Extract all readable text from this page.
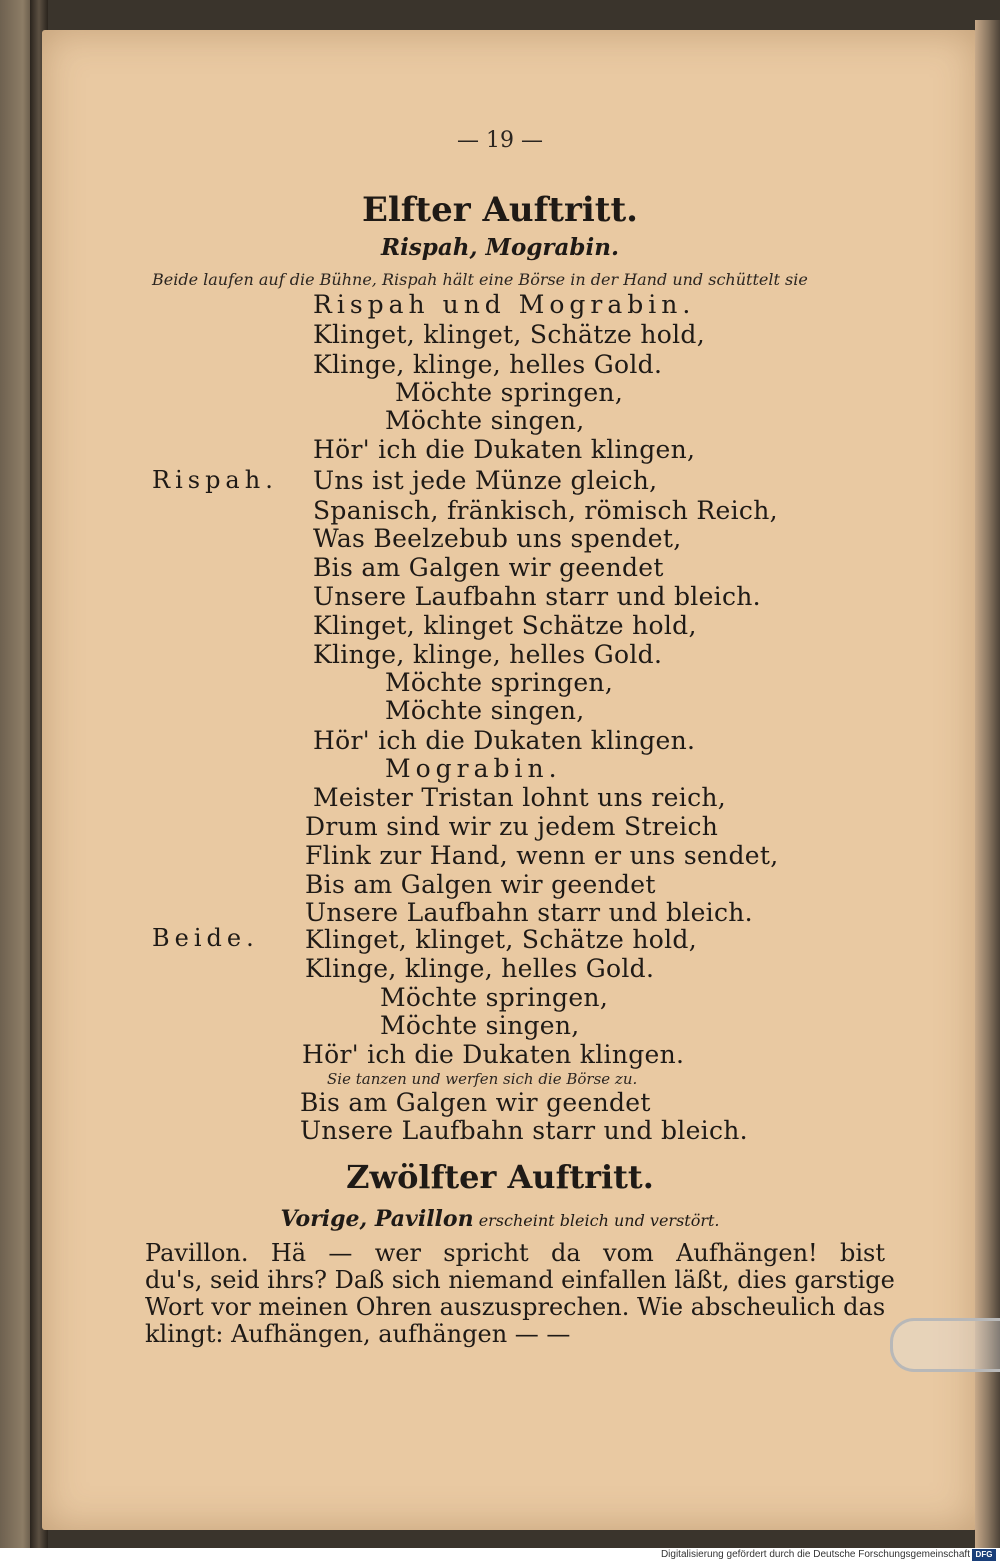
— 19 —
Elfter Auftritt.
Rispah, Mograbin.
Beide laufen auf die Bühne, Rispah hält eine Börse in der Hand und schüttelt sie
Rispah und Mograbin.
Rispah.
Beide.
Klinget, klinget, Schätze hold,
Klinge, klinge, helles Gold.
Möchte springen,
Möchte singen,
Hör' ich die Dukaten klingen,
Uns ist jede Münze gleich,
Spanisch, fränkisch, römisch Reich,
Was Beelzebub uns spendet,
Bis am Galgen wir geendet
Unsere Laufbahn starr und bleich.
Klinget, klinget Schätze hold,
Klinge, klinge, helles Gold.
Möchte springen,
Möchte singen,
Hör' ich die Dukaten klingen.
Mograbin.
Meister Tristan lohnt uns reich,
Drum sind wir zu jedem Streich
Flink zur Hand, wenn er uns sendet,
Bis am Galgen wir geendet
Unsere Laufbahn starr und bleich.
Klinget, klinget, Schätze hold,
Klinge, klinge, helles Gold.
Möchte springen,
Möchte singen,
Hör' ich die Dukaten klingen.
Sie tanzen und werfen sich die Börse zu.
Bis am Galgen wir geendet
Unsere Laufbahn starr und bleich.
Zwölfter Auftritt.
Vorige, Pavillon erscheint bleich und verstört.
Pavillon. Hä — wer spricht da vom Aufhängen! bist
du's, seid ihrs? Daß sich niemand einfallen läßt, dies garstige
Wort vor meinen Ohren auszusprechen. Wie abscheulich das
klingt: Aufhängen, aufhängen — —
Digitalisierung gefördert durch die Deutsche Forschungsgemeinschaft DFG
